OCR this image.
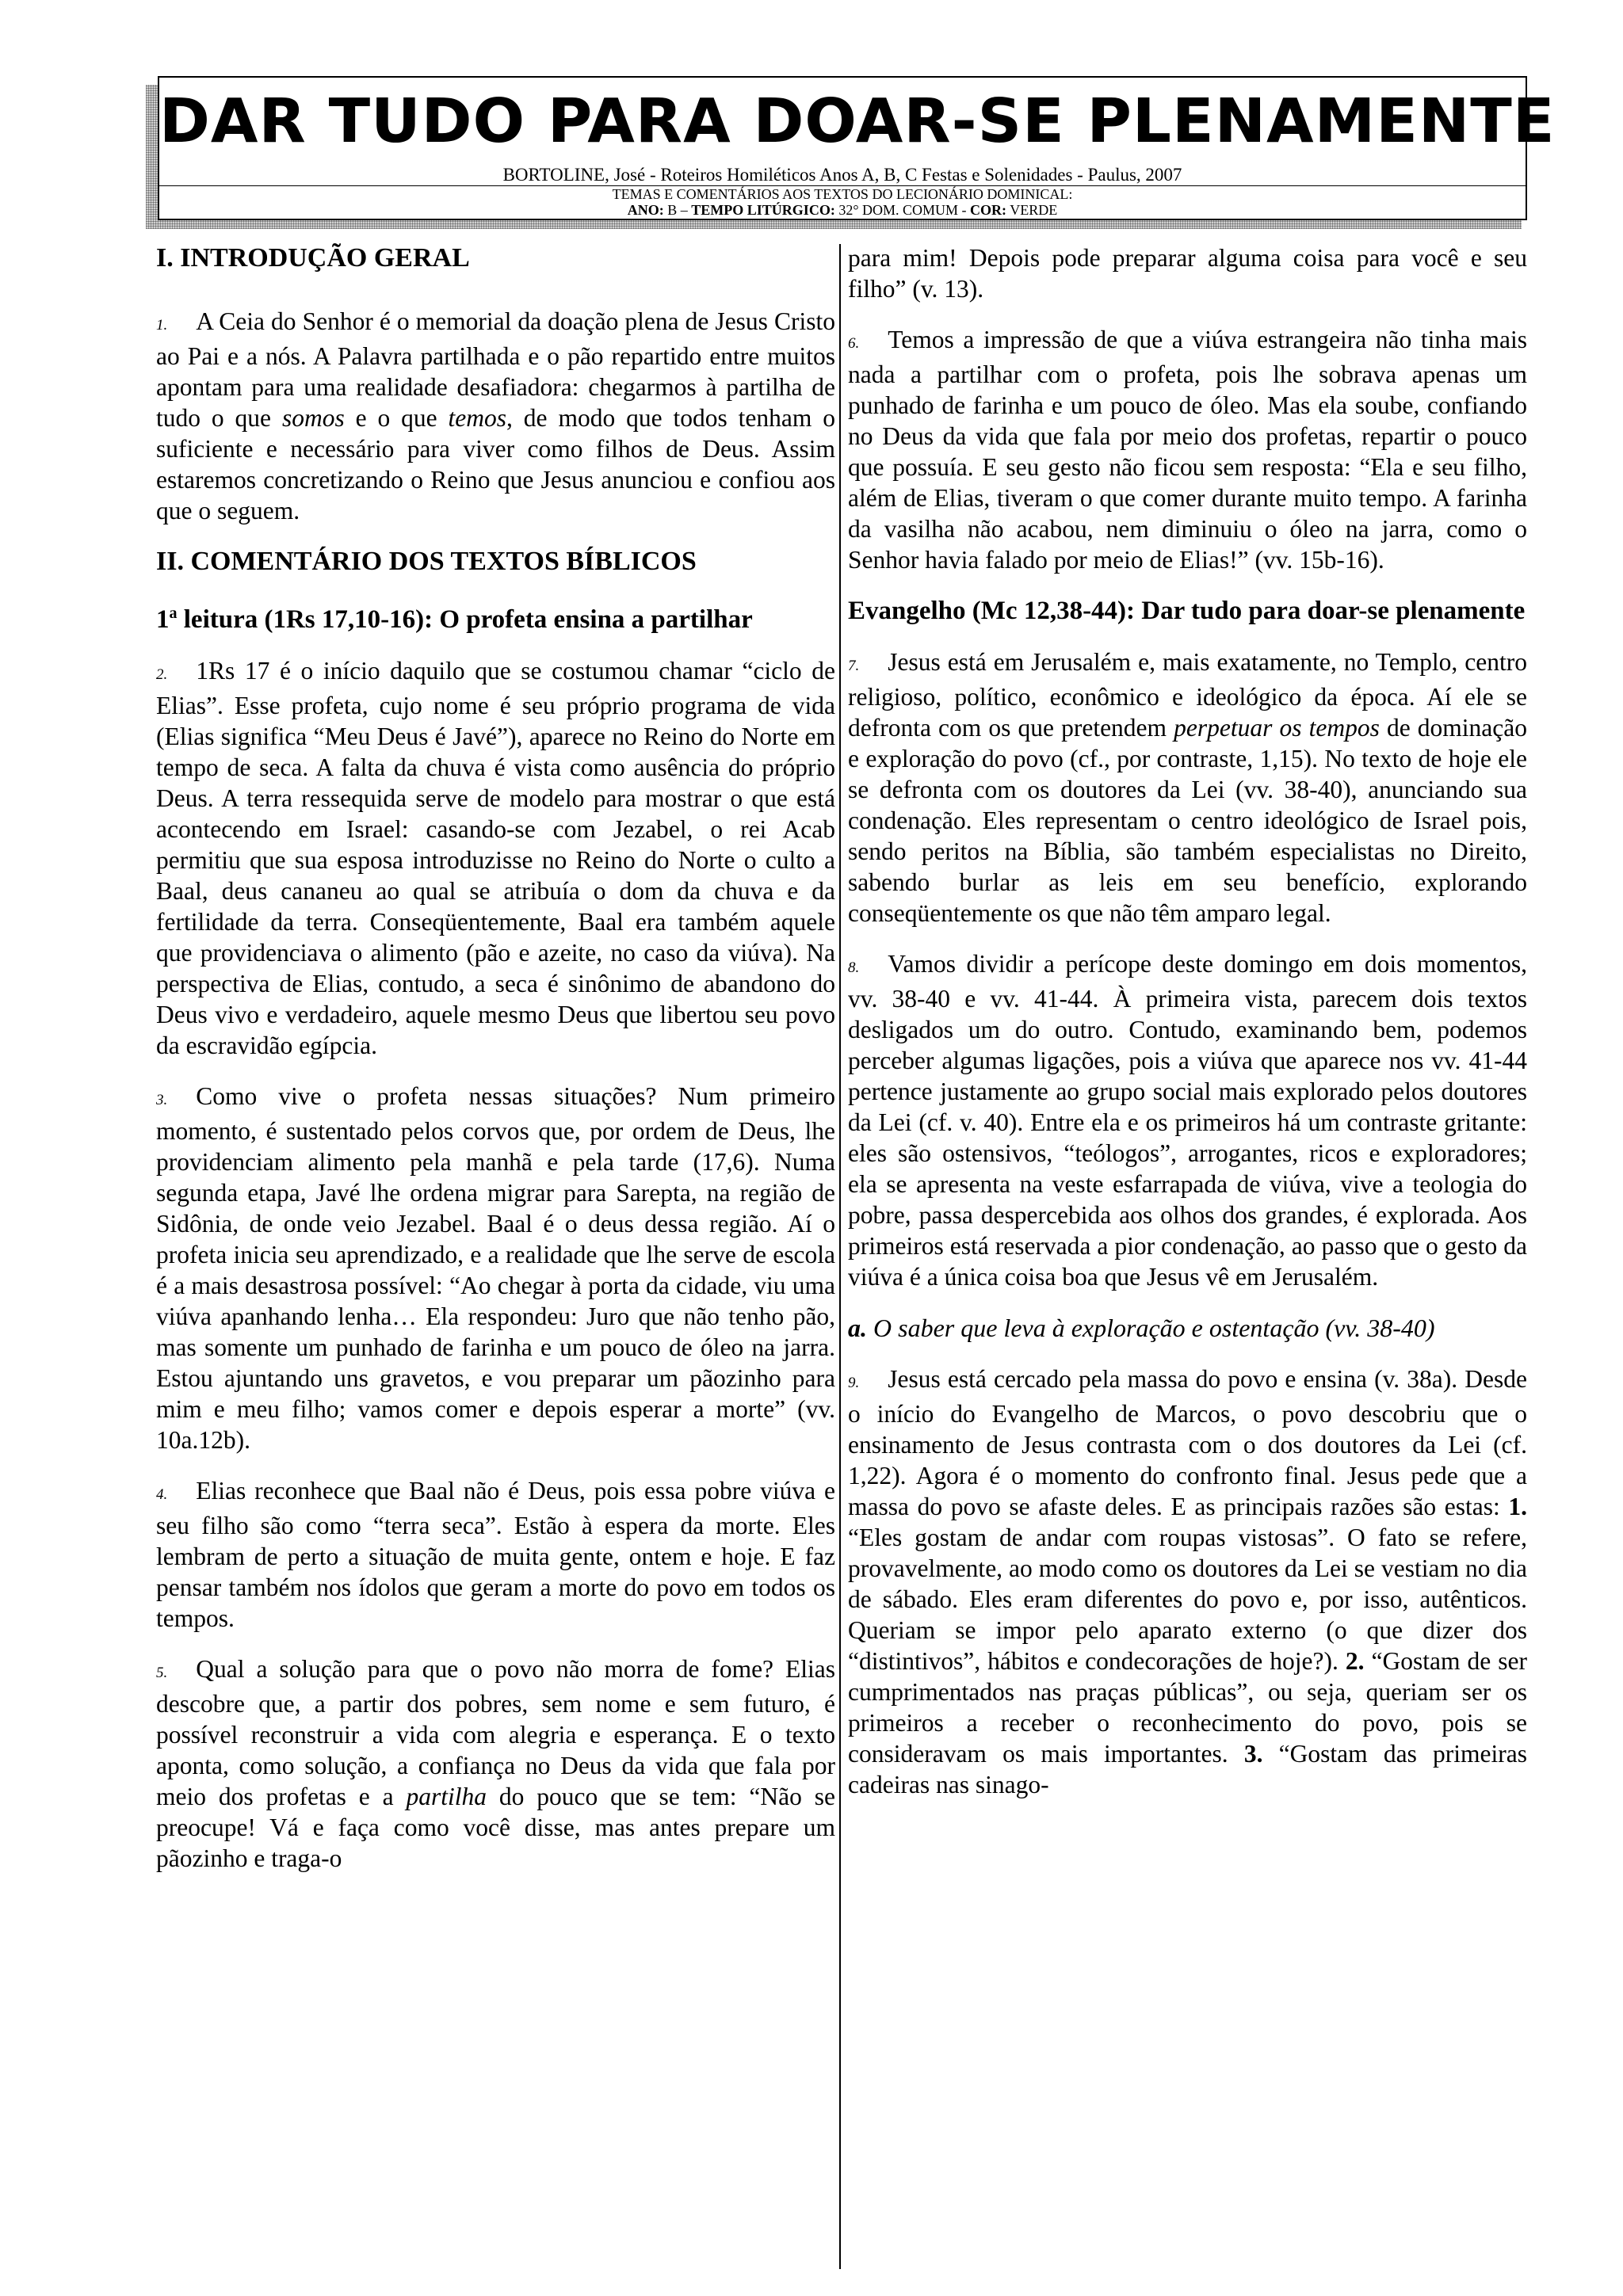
DAR TUDO PARA DOAR-SE PLENAMENTE
BORTOLINE, José - Roteiros Homiléticos Anos A, B, C Festas e Solenidades - Paulus, 2007
TEMAS E COMENTÁRIOS AOS TEXTOS DO LECIONÁRIO DOMINICAL:
ANO: B – TEMPO LITÚRGICO: 32° DOM. COMUM - COR: VERDE

I. INTRODUÇÃO GERAL

1. A Ceia do Senhor é o memorial da doação plena de Jesus Cristo ao Pai e a nós. A Palavra partilhada e o pão repartido entre muitos apontam para uma realidade desafiadora: chegarmos à partilha de tudo o que somos e o que temos, de modo que todos tenham o suficiente e necessário para viver como filhos de Deus. Assim estaremos concretizando o Reino que Jesus anunciou e confiou aos que o seguem.

II. COMENTÁRIO DOS TEXTOS BÍBLICOS

1$^a$ leitura (1Rs 17,10-16): O profeta ensina a partilhar

2. 1Rs 17 é o início daquilo que se costumou chamar “ciclo de Elias”. Esse profeta, cujo nome é seu próprio programa de vida (Elias significa “Meu Deus é Javé”), aparece no Reino do Norte em tempo de seca. A falta da chuva é vista como ausência do próprio Deus. A terra ressequida serve de modelo para mostrar o que está acontecendo em Israel: casando-se com Jezabel, o rei Acab permitiu que sua esposa introduzisse no Reino do Norte o culto a Baal, deus cananeu ao qual se atribuía o dom da chuva e da fertilidade da terra. Conseqüentemente, Baal era também aquele que providenciava o alimento (pão e azeite, no caso da viúva). Na perspectiva de Elias, contudo, a seca é sinônimo de abandono do Deus vivo e verdadeiro, aquele mesmo Deus que libertou seu povo da escravidão egípcia.

3. Como vive o profeta nessas situações? Num primeiro momento, é sustentado pelos corvos que, por ordem de Deus, lhe providenciam alimento pela manhã e pela tarde (17,6). Numa segunda etapa, Javé lhe ordena migrar para Sarepta, na região de Sidônia, de onde veio Jezabel. Baal é o deus dessa região. Aí o profeta inicia seu aprendizado, e a realidade que lhe serve de escola é a mais desastrosa possível: “Ao chegar à porta da cidade, viu uma viúva apanhando lenha… Ela respondeu: Juro que não tenho pão, mas somente um punhado de farinha e um pouco de óleo na jarra. Estou ajuntando uns gravetos, e vou preparar um pãozinho para mim e meu filho; vamos comer e depois esperar a morte” (vv. 10a.12b).

4. Elias reconhece que Baal não é Deus, pois essa pobre viúva e seu filho são como “terra seca”. Estão à espera da morte. Eles lembram de perto a situação de muita gente, ontem e hoje. E faz pensar também nos ídolos que geram a morte do povo em todos os tempos.

5. Qual a solução para que o povo não morra de fome? Elias descobre que, a partir dos pobres, sem nome e sem futuro, é possível reconstruir a vida com alegria e esperança. E o texto aponta, como solução, a confiança no Deus da vida que fala por meio dos profetas e a partilha do pouco que se tem: “Não se preocupe! Vá e faça como você disse, mas antes prepare um pãozinho e traga-o

para mim! Depois pode preparar alguma coisa para você e seu filho” (v. 13).

6. Temos a impressão de que a viúva estrangeira não tinha mais nada a partilhar com o profeta, pois lhe sobrava apenas um punhado de farinha e um pouco de óleo. Mas ela soube, confiando no Deus da vida que fala por meio dos profetas, repartir o pouco que possuía. E seu gesto não ficou sem resposta: “Ela e seu filho, além de Elias, tiveram o que comer durante muito tempo. A farinha da vasilha não acabou, nem diminuiu o óleo na jarra, como o Senhor havia falado por meio de Elias!” (vv. 15b-16).

Evangelho (Mc 12,38-44): Dar tudo para doar-se plenamente

7. Jesus está em Jerusalém e, mais exatamente, no Templo, centro religioso, político, econômico e ideológico da época. Aí ele se defronta com os que pretendem perpetuar os tempos de dominação e exploração do povo (cf., por contraste, 1,15). No texto de hoje ele se defronta com os doutores da Lei (vv. 38-40), anunciando sua condenação. Eles representam o centro ideológico de Israel pois, sendo peritos na Bíblia, são também especialistas no Direito, sabendo burlar as leis em seu benefício, explorando conseqüentemente os que não têm amparo legal.

8. Vamos dividir a perícope deste domingo em dois momentos, vv. 38-40 e vv. 41-44. À primeira vista, parecem dois textos desligados um do outro. Contudo, examinando bem, podemos perceber algumas ligações, pois a viúva que aparece nos vv. 41-44 pertence justamente ao grupo social mais explorado pelos doutores da Lei (cf. v. 40). Entre ela e os primeiros há um contraste gritante: eles são ostensivos, “teólogos”, arrogantes, ricos e exploradores; ela se apresenta na veste esfarrapada de viúva, vive a teologia do pobre, passa despercebida aos olhos dos grandes, é explorada. Aos primeiros está reservada a pior condenação, ao passo que o gesto da viúva é a única coisa boa que Jesus vê em Jerusalém.

a. O saber que leva à exploração e ostentação (vv. 38-40)

9. Jesus está cercado pela massa do povo e ensina (v. 38a). Desde o início do Evangelho de Marcos, o povo descobriu que o ensinamento de Jesus contrasta com o dos doutores da Lei (cf. 1,22). Agora é o momento do confronto final. Jesus pede que a massa do povo se afaste deles. E as principais razões são estas: 1. “Eles gostam de andar com roupas vistosas”. O fato se refere, provavelmente, ao modo como os doutores da Lei se vestiam no dia de sábado. Eles eram diferentes do povo e, por isso, autênticos. Queriam se impor pelo aparato externo (o que dizer dos “distintivos”, hábitos e condecorações de hoje?). 2. “Gostam de ser cumprimentados nas praças públicas”, ou seja, queriam ser os primeiros a receber o reconhecimento do povo, pois se consideravam os mais importantes. 3. “Gostam das primeiras cadeiras nas sinago-
